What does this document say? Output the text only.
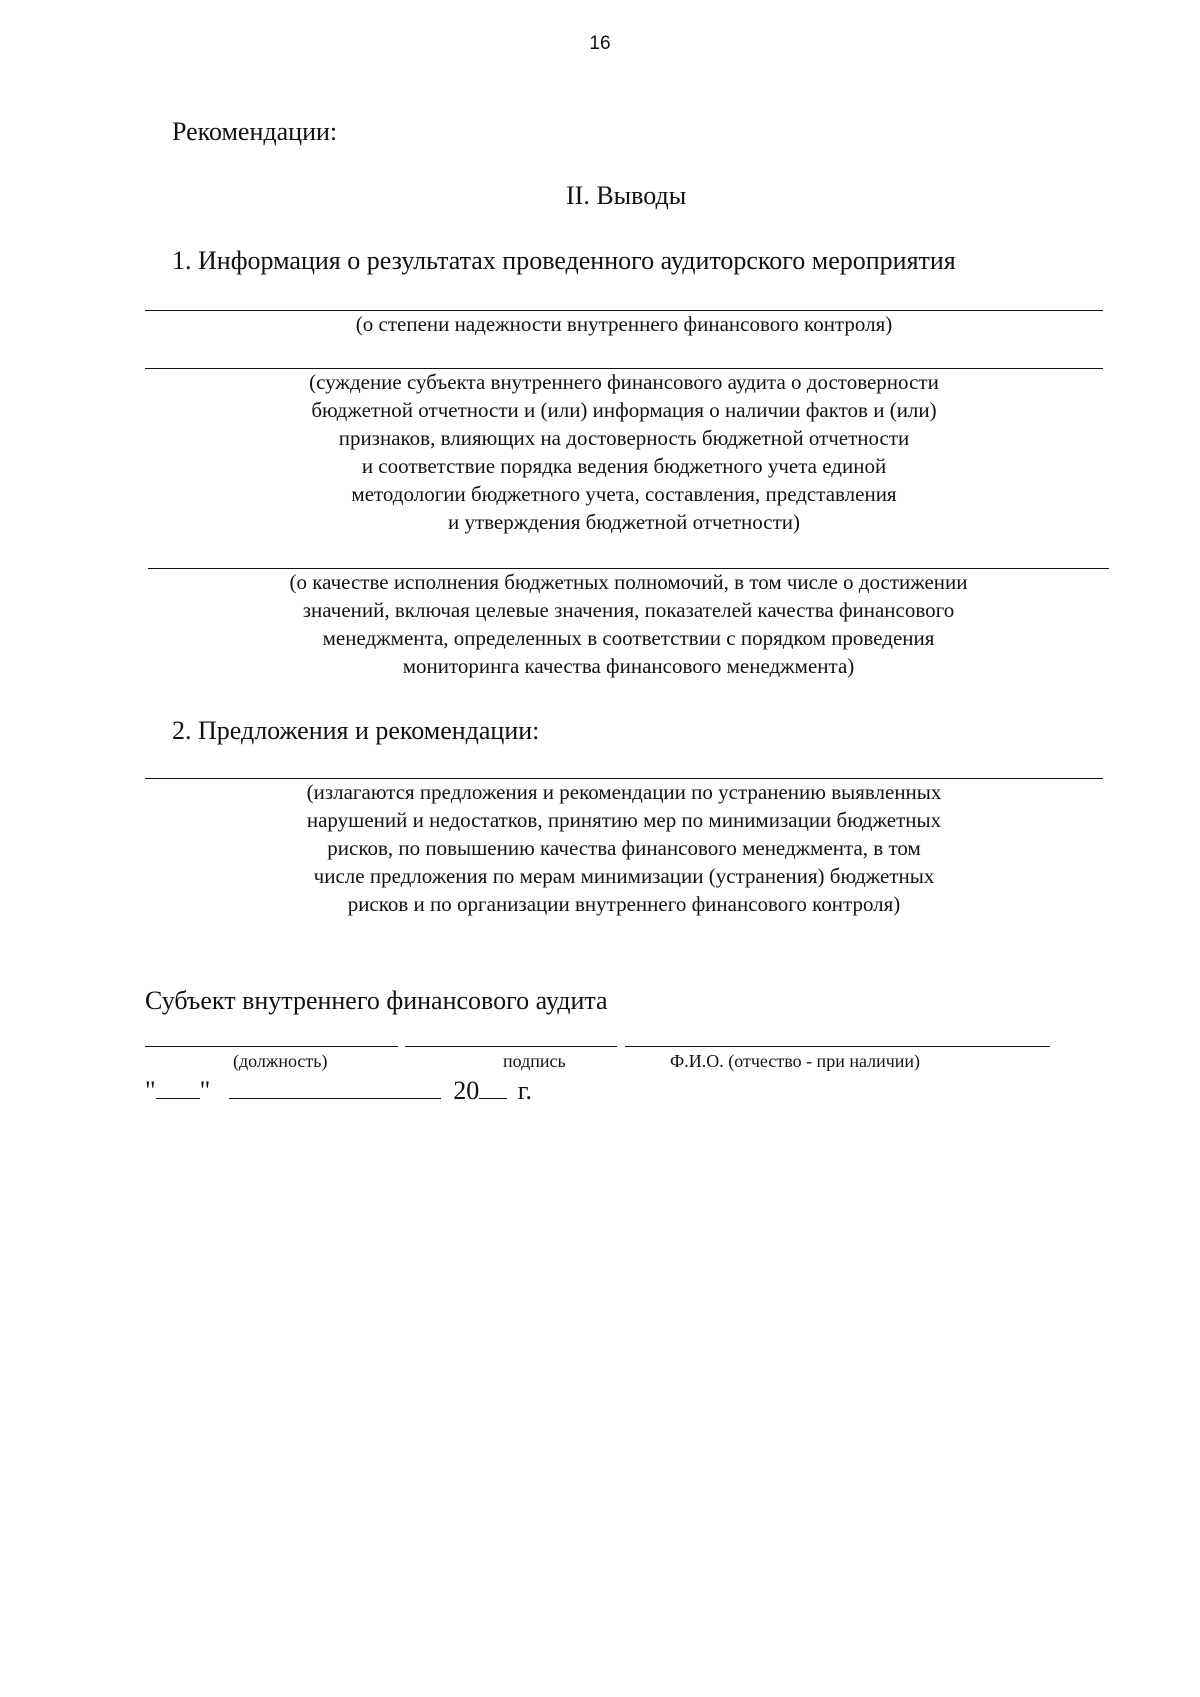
16
Рекомендации:
II. Выводы
1. Информация о результатах проведенного аудиторского мероприятия
(о степени надежности внутреннего финансового контроля)
(суждение субъекта внутреннего финансового аудита о достоверности
бюджетной отчетности и (или) информация о наличии фактов и (или)
признаков, влияющих на достоверность бюджетной отчетности
и соответствие порядка ведения бюджетного учета единой
методологии бюджетного учета, составления, представления
и утверждения бюджетной отчетности)
(о качестве исполнения бюджетных полномочий, в том числе о достижении
значений, включая целевые значения, показателей качества финансового
менеджмента, определенных в соответствии с порядком проведения
мониторинга качества финансового менеджмента)
2. Предложения и рекомендации:
(излагаются предложения и рекомендации по устранению выявленных
нарушений и недостатков, принятию мер по минимизации бюджетных
рисков, по повышению качества финансового менеджмента, в том
числе предложения по мерам минимизации (устранения) бюджетных
рисков и по организации внутреннего финансового контроля)
Субъект внутреннего финансового аудита
(должность)	подпись	Ф.И.О. (отчество - при наличии)
" "	20 г.
